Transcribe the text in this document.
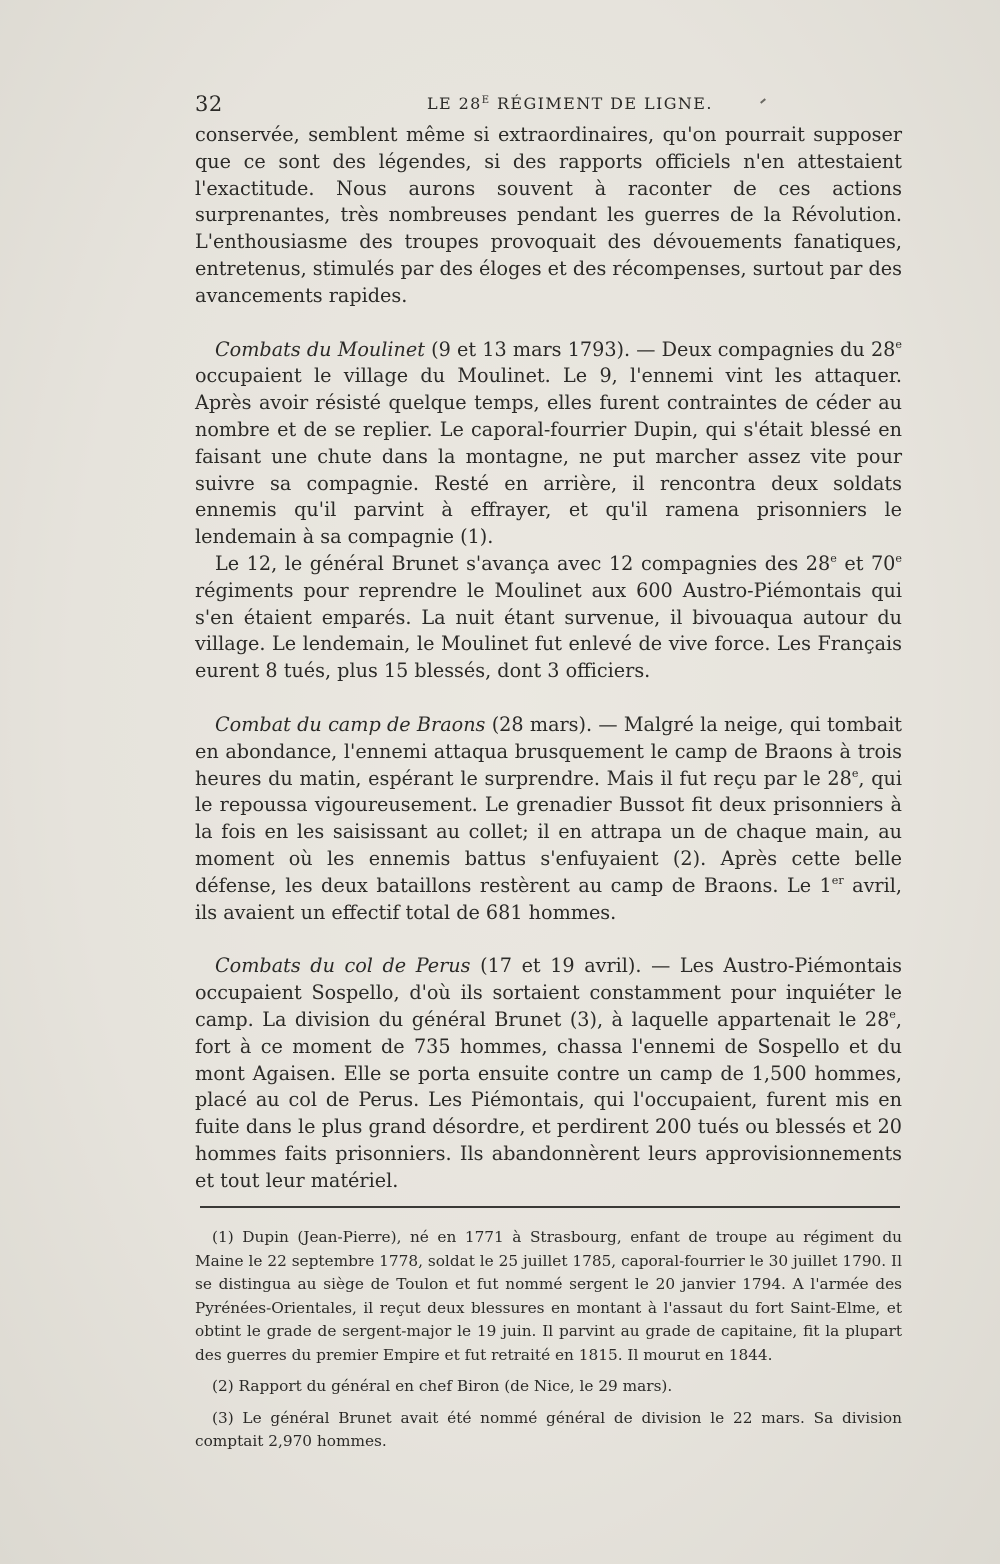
32	LE $28^E$ RÉGIMENT DE LIGNE.

conservée, semblent même si extraordinaires, qu'on pourrait supposer que ce sont des légendes, si des rapports officiels n'en attestaient l'exactitude. Nous aurons souvent à raconter de ces actions surprenantes, très nombreuses pendant les guerres de la Révolution. L'enthousiasme des troupes provoquait des dévouements fanatiques, entretenus, stimulés par des éloges et des récompenses, surtout par des avancements rapides.

Combats du Moulinet (9 et 13 mars 1793). — Deux compagnies du 28e occupaient le village du Moulinet. Le 9, l'ennemi vint les attaquer. Après avoir résisté quelque temps, elles furent contraintes de céder au nombre et de se replier. Le caporal-fourrier Dupin, qui s'était blessé en faisant une chute dans la montagne, ne put marcher assez vite pour suivre sa compagnie. Resté en arrière, il rencontra deux soldats ennemis qu'il parvint à effrayer, et qu'il ramena prisonniers le lendemain à sa compagnie (1).

Le 12, le général Brunet s'avança avec 12 compagnies des 28e et 70e régiments pour reprendre le Moulinet aux 600 Austro-Piémontais qui s'en étaient emparés. La nuit étant survenue, il bivouaqua autour du village. Le lendemain, le Moulinet fut enlevé de vive force. Les Français eurent 8 tués, plus 15 blessés, dont 3 officiers.

Combat du camp de Braons (28 mars). — Malgré la neige, qui tombait en abondance, l'ennemi attaqua brusquement le camp de Braons à trois heures du matin, espérant le surprendre. Mais il fut reçu par le 28e, qui le repoussa vigoureusement. Le grenadier Bussot fit deux prisonniers à la fois en les saisissant au collet; il en attrapa un de chaque main, au moment où les ennemis battus s'enfuyaient (2). Après cette belle défense, les deux bataillons restèrent au camp de Braons. Le 1er avril, ils avaient un effectif total de 681 hommes.

Combats du col de Perus (17 et 19 avril). — Les Austro-Piémontais occupaient Sospello, d'où ils sortaient constamment pour inquiéter le camp. La division du général Brunet (3), à laquelle appartenait le 28e, fort à ce moment de 735 hommes, chassa l'ennemi de Sospello et du mont Agaisen. Elle se porta ensuite contre un camp de 1,500 hommes, placé au col de Perus. Les Piémontais, qui l'occupaient, furent mis en fuite dans le plus grand désordre, et perdirent 200 tués ou blessés et 20 hommes faits prisonniers. Ils abandonnèrent leurs approvisionnements et tout leur matériel.

(1) Dupin (Jean-Pierre), né en 1771 à Strasbourg, enfant de troupe au régiment du Maine le 22 septembre 1778, soldat le 25 juillet 1785, caporal-fourrier le 30 juillet 1790. Il se distingua au siège de Toulon et fut nommé sergent le 20 janvier 1794. A l'armée des Pyrénées-Orientales, il reçut deux blessures en montant à l'assaut du fort Saint-Elme, et obtint le grade de sergent-major le 19 juin. Il parvint au grade de capitaine, fit la plupart des guerres du premier Empire et fut retraité en 1815. Il mourut en 1844.

(2) Rapport du général en chef Biron (de Nice, le 29 mars).

(3) Le général Brunet avait été nommé général de division le 22 mars. Sa division comptait 2,970 hommes.
